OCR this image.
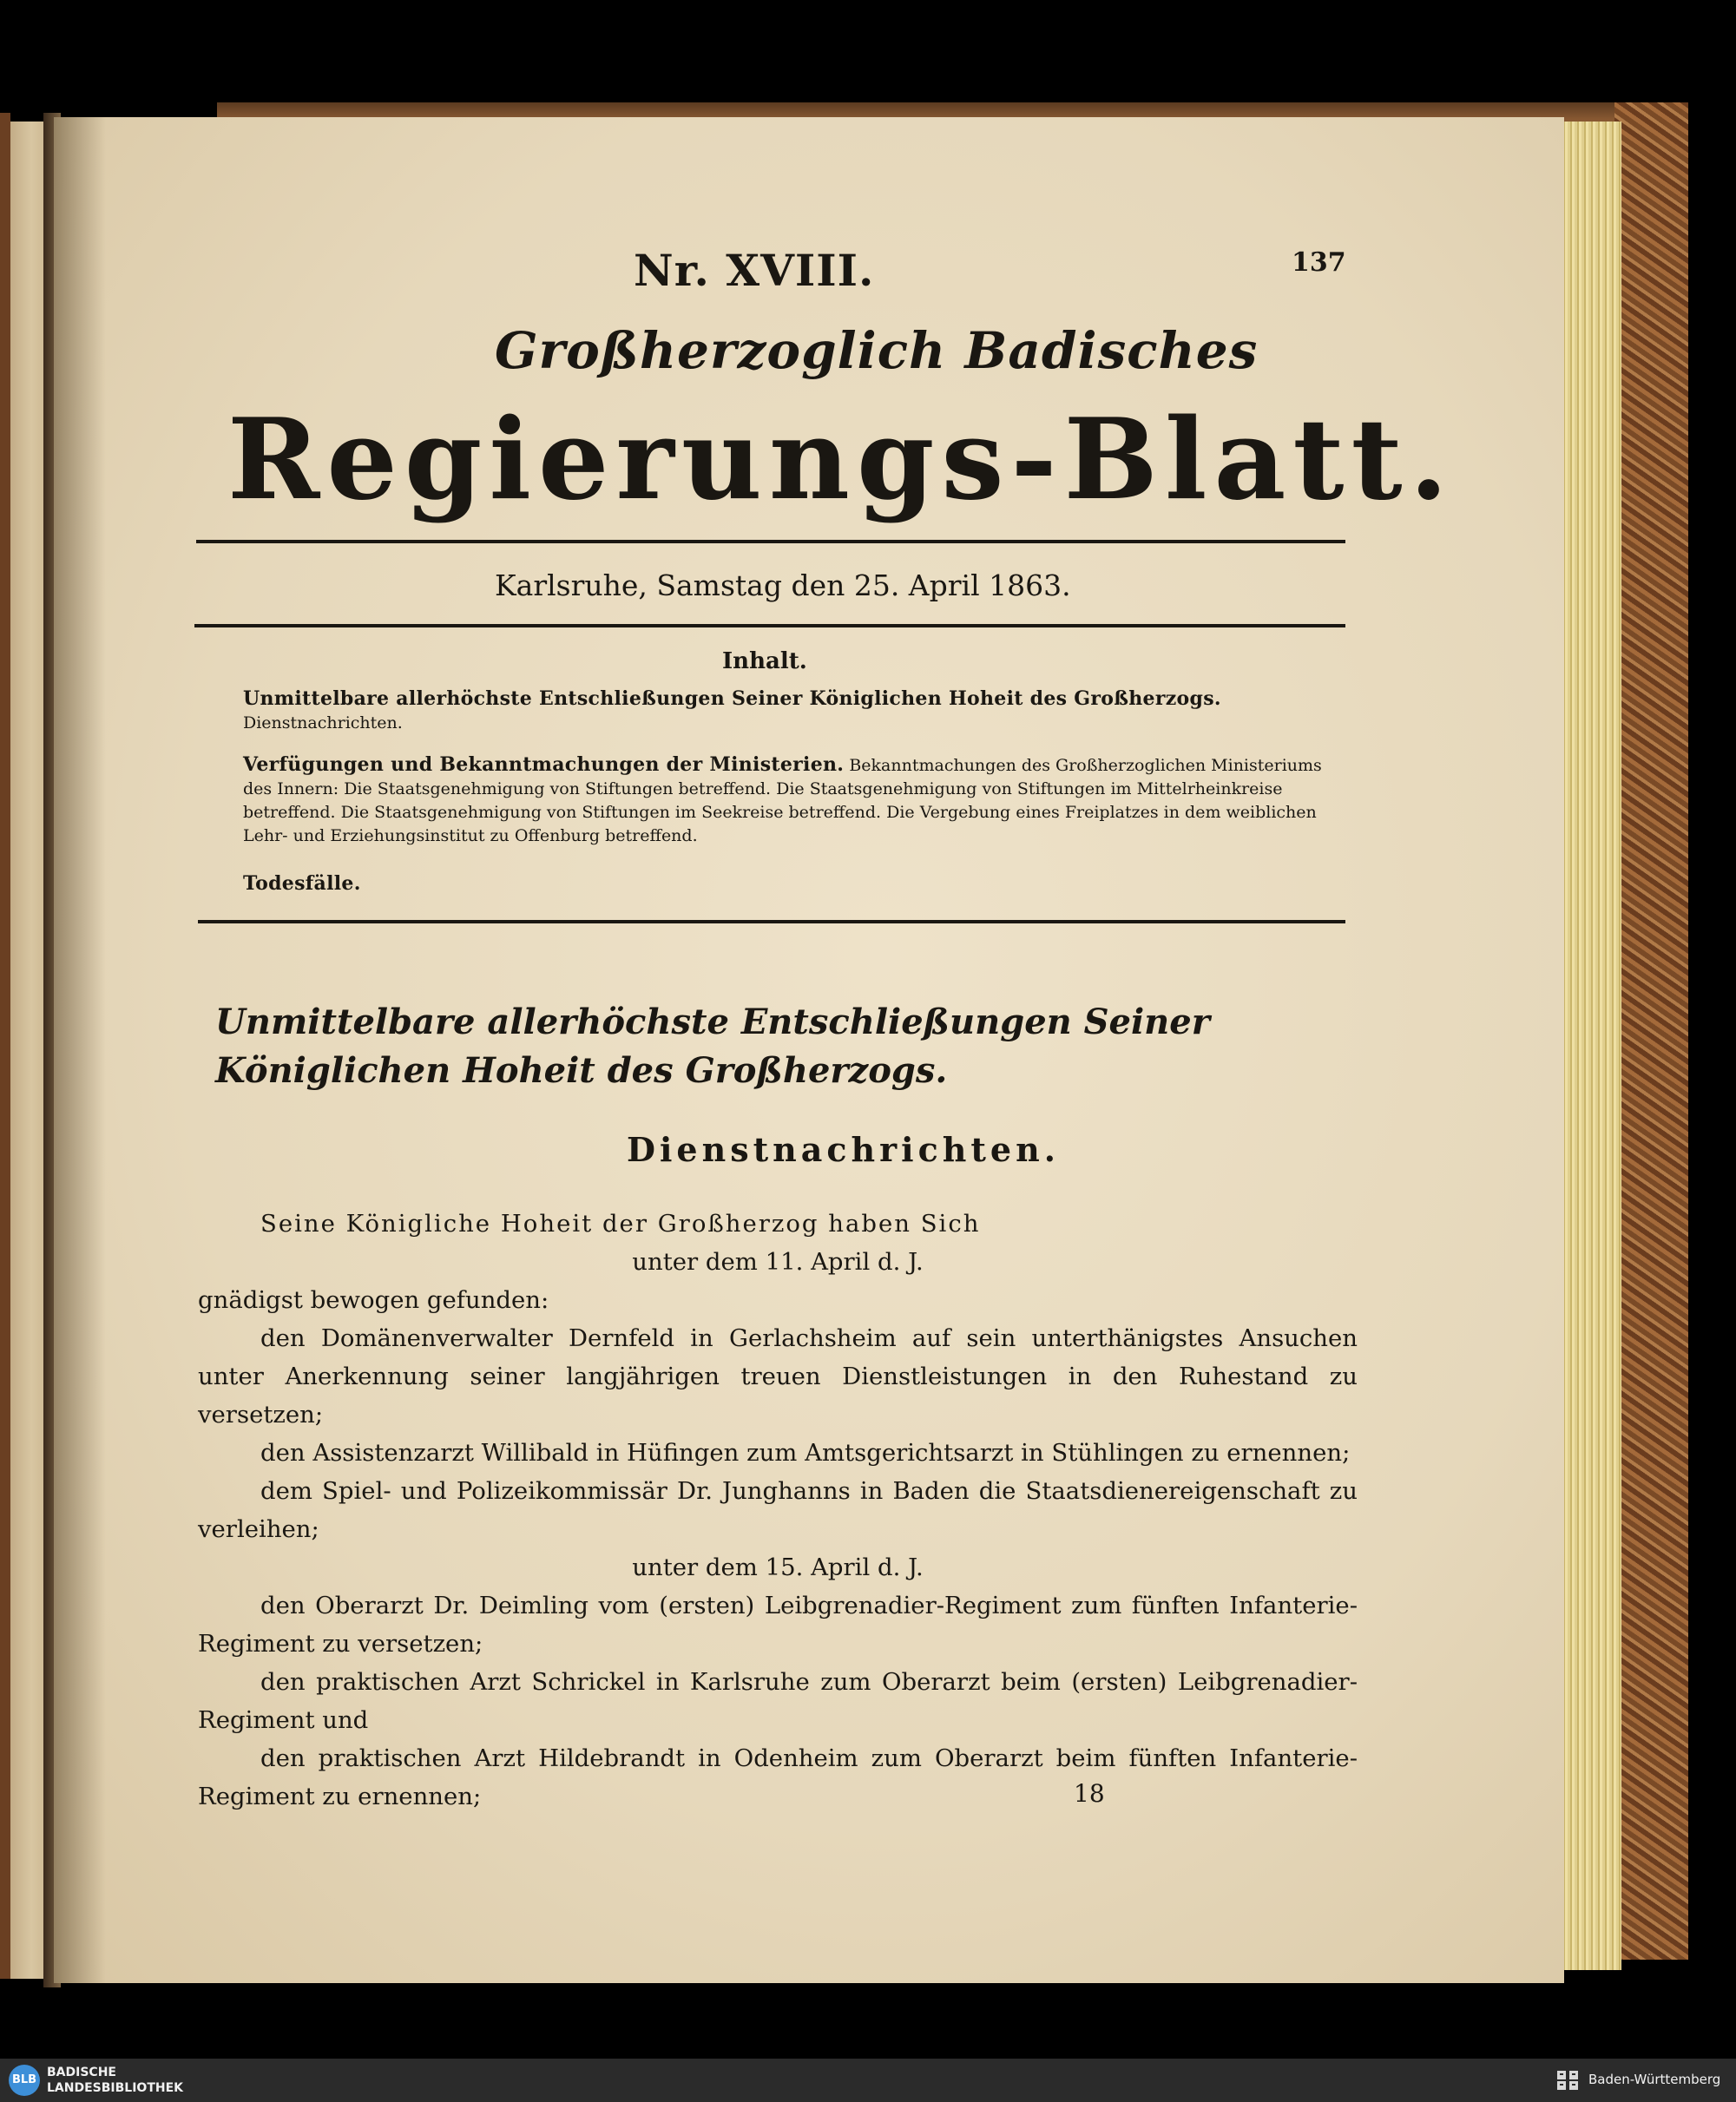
Nr. XVIII.	137
Großherzoglich Badisches
Regierungs-Blatt.
Karlsruhe, Samstag den 25. April 1863.
Inhalt.
Unmittelbare allerhöchste Entschließungen Seiner Königlichen Hoheit des Großherzogs. Dienstnachrichten.
Verfügungen und Bekanntmachungen der Ministerien. Bekanntmachungen des Großherzoglichen Ministeriums des Innern: Die Staatsgenehmigung von Stiftungen betreffend. Die Staatsgenehmigung von Stiftungen im Mittelrheinkreise betreffend. Die Staatsgenehmigung von Stiftungen im Seekreise betreffend. Die Vergebung eines Freiplatzes in dem weiblichen Lehr- und Erziehungsinstitut zu Offenburg betreffend.
Todesfälle.
Unmittelbare allerhöchste Entschließungen Seiner Königlichen Hoheit des Großherzogs.
Dienstnachrichten.

Seine Königliche Hoheit der Großherzog haben Sich

unter dem 11. April d. J.

gnädigst bewogen gefunden:

den Domänenverwalter Dernfeld in Gerlachsheim auf sein unterthänigstes Ansuchen unter Anerkennung seiner langjährigen treuen Dienstleistungen in den Ruhestand zu versetzen;

den Assistenzarzt Willibald in Hüfingen zum Amtsgerichtsarzt in Stühlingen zu ernennen;

dem Spiel- und Polizeikommissär Dr. Junghanns in Baden die Staatsdienereigenschaft zu verleihen;

unter dem 15. April d. J.

den Oberarzt Dr. Deimling vom (ersten) Leibgrenadier-Regiment zum fünften Infanterie-Regiment zu versetzen;

den praktischen Arzt Schrickel in Karlsruhe zum Oberarzt beim (ersten) Leibgrenadier-Regiment und

den praktischen Arzt Hildebrandt in Odenheim zum Oberarzt beim fünften Infanterie-Regiment zu ernennen;	18
BLB
BADISCHE
LANDESBIBLIOTHEK
Baden-Württemberg
